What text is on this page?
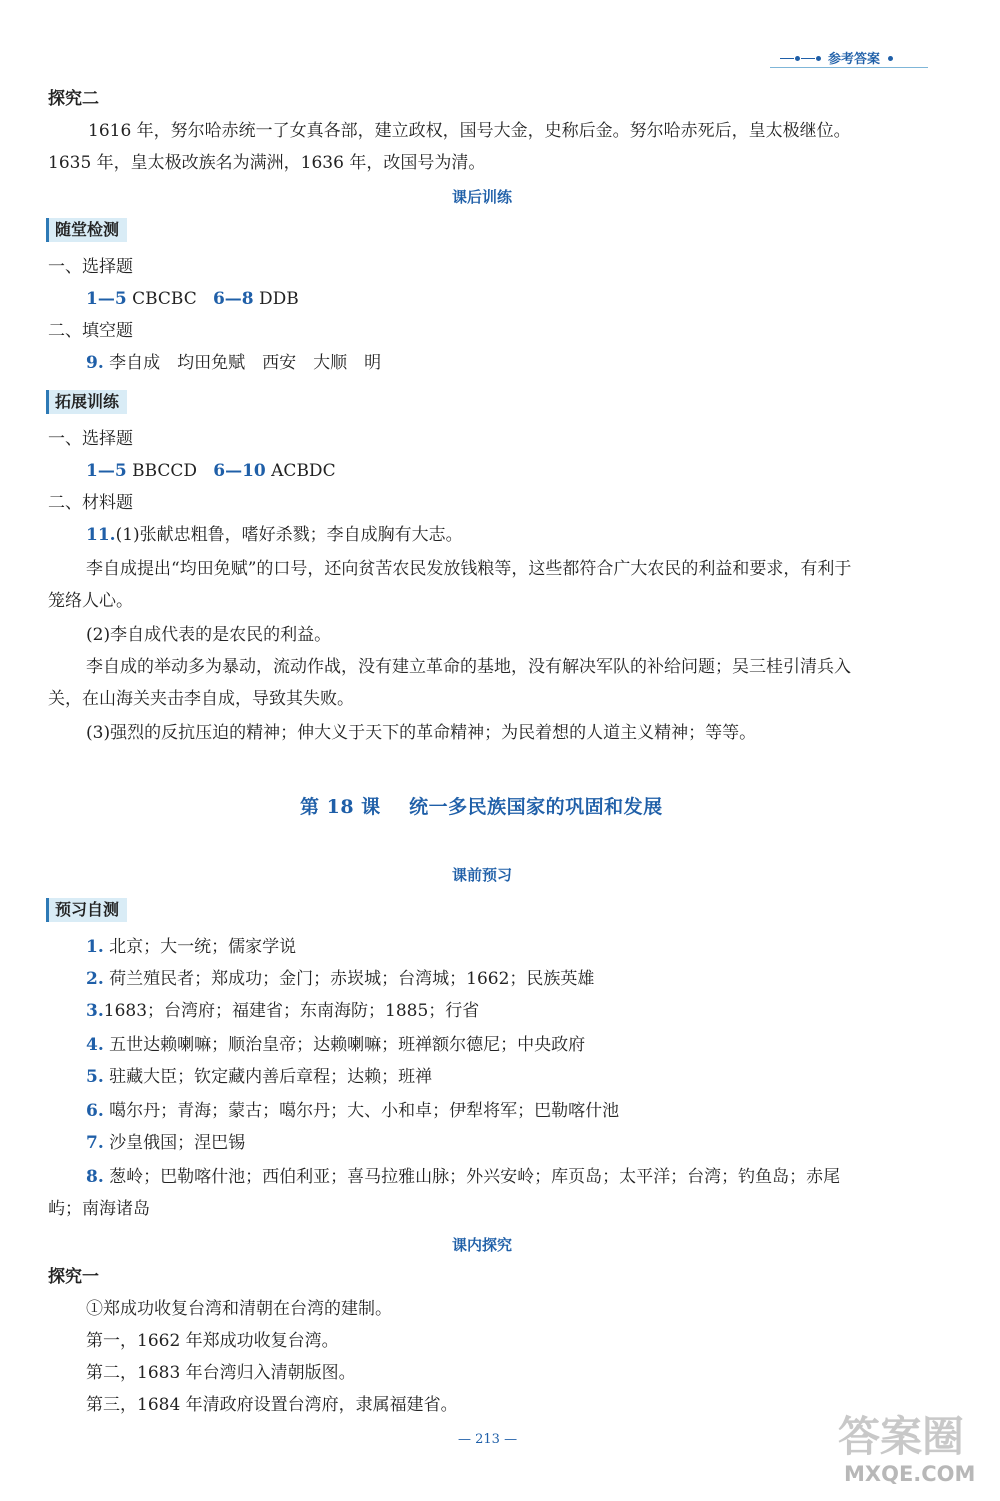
参考答案
探究二
1616 年，努尔哈赤统一了女真各部，建立政权，国号大金，史称后金。努尔哈赤死后，皇太极继位。
1635 年，皇太极改族名为满洲，1636 年，改国号为清。
课后训练
随堂检测
一、选择题
1—5 CBCBC 6—8 DDB
二、填空题
9. 李自成　均田免赋　西安　大顺　明
拓展训练
一、选择题
1—5 BBCCD 6—10 ACBDC
二、材料题
11.(1)张献忠粗鲁，嗜好杀戮；李自成胸有大志。
李自成提出“均田免赋”的口号，还向贫苦农民发放钱粮等，这些都符合广大农民的利益和要求，有利于
笼络人心。
(2)李自成代表的是农民的利益。
李自成的举动多为暴动，流动作战，没有建立革命的基地，没有解决军队的补给问题；吴三桂引清兵入
关，在山海关夹击李自成，导致其失败。
(3)强烈的反抗压迫的精神；伸大义于天下的革命精神；为民着想的人道主义精神；等等。
第 18 课 统一多民族国家的巩固和发展
课前预习
预习自测
1. 北京；大一统；儒家学说
2. 荷兰殖民者；郑成功；金门；赤崁城；台湾城；1662；民族英雄
3.1683；台湾府；福建省；东南海防；1885；行省
4. 五世达赖喇嘛；顺治皇帝；达赖喇嘛；班禅额尔德尼；中央政府
5. 驻藏大臣；钦定藏内善后章程；达赖；班禅
6. 噶尔丹；青海；蒙古；噶尔丹；大、小和卓；伊犁将军；巴勒喀什池
7. 沙皇俄国；涅巴锡
8. 葱岭；巴勒喀什池；西伯利亚；喜马拉雅山脉；外兴安岭；库页岛；太平洋；台湾；钓鱼岛；赤尾
屿；南海诸岛
课内探究
探究一
①郑成功收复台湾和清朝在台湾的建制。
第一，1662 年郑成功收复台湾。
第二，1683 年台湾归入清朝版图。
第三，1684 年清政府设置台湾府，隶属福建省。
— 213 —	答案圈
MXQE.COM
